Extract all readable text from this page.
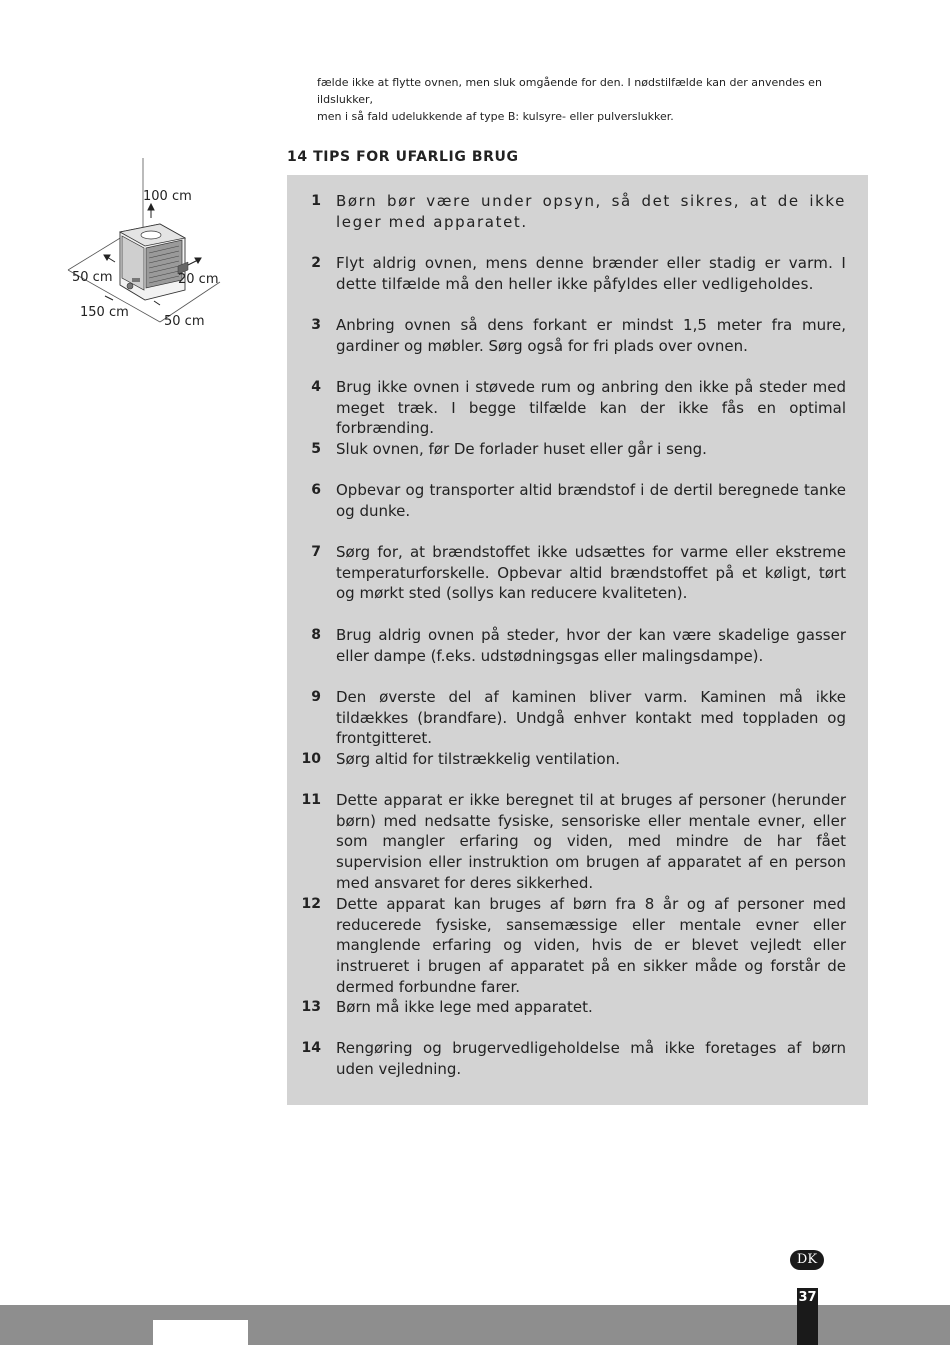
fælde ikke at flytte ovnen, men sluk omgående for den. I nødstilfælde kan der anvendes en ildslukker,
men i så fald udelukkende af type B: kulsyre- eller pulverslukker.
14 TIPS FOR UFARLIG BRUG
100 cm
50 cm	20 cm
150 cm
50 cm
1 Børn bør være under opsyn, så det sikres, at de ikke leger med apparatet.
2 Flyt aldrig ovnen, mens denne brænder eller stadig er varm. I dette tilfælde må den heller ikke påfyldes eller vedligeholdes.
3 Anbring ovnen så dens forkant er mindst 1,5 meter fra mure, gardiner og møbler. Sørg også for fri plads over ovnen.
4 Brug ikke ovnen i støvede rum og anbring den ikke på steder med meget træk. I begge tilfælde kan der ikke fås en optimal forbrænding.
5 Sluk ovnen, før De forlader huset eller går i seng.
6 Opbevar og transporter altid brændstof i de dertil beregnede tanke og dunke.
7 Sørg for, at brændstoffet ikke udsættes for varme eller ekstreme temperaturforskelle. Opbevar altid brændstoffet på et køligt, tørt og mørkt sted (sollys kan reducere kvaliteten).
8 Brug aldrig ovnen på steder, hvor der kan være skadelige gasser eller dampe (f.eks. udstødningsgas eller malingsdampe).
9 Den øverste del af kaminen bliver varm. Kaminen må ikke tildækkes (brandfare). Undgå enhver kontakt med toppladen og frontgitteret.
10 Sørg altid for tilstrækkelig ventilation.
11 Dette apparat er ikke beregnet til at bruges af personer (herunder børn) med nedsatte fysiske, sensoriske eller mentale evner, eller som mangler erfaring og viden, med mindre de har fået supervision eller instruktion om brugen af apparatet af en person med ansvaret for deres sikkerhed.
12 Dette apparat kan bruges af børn fra 8 år og af personer med reducerede fysiske, sansemæssige eller mentale evner eller manglende erfaring og viden, hvis de er blevet vejledt eller instrueret i brugen af apparatet på en sikker måde og forstår de dermed forbundne farer.
13 Børn må ikke lege med apparatet.
14 Rengøring og brugervedligeholdelse må ikke foretages af børn uden vejledning.
DK
37
